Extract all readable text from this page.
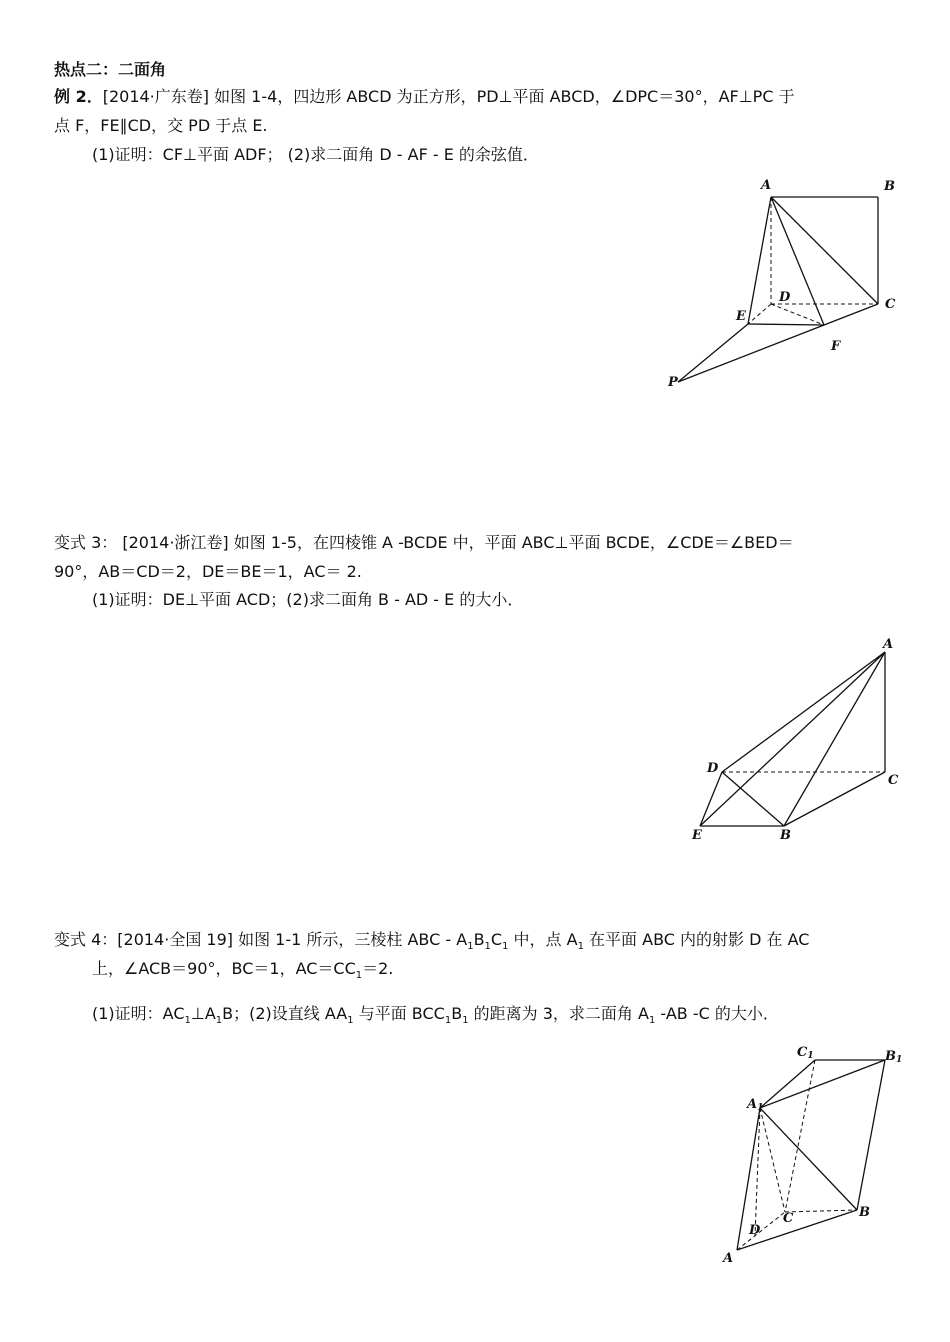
热点二：二面角
例 2．[2014·广东卷] 如图 1-4，四边形 ABCD 为正方形，PD⊥平面 ABCD，∠DPC＝30°，AF⊥PC 于
点 F，FE∥CD，交 PD 于点 E.
(1)证明：CF⊥平面 ADF； (2)求二面角 D - AF - E 的余弦值．
A	B
C
D
E
F
P
变式 3： [2014·浙江卷] 如图 1-5，在四棱锥 A -BCDE 中，平面 ABC⊥平面 BCDE，∠CDE＝∠BED＝
90°，AB＝CD＝2，DE＝BE＝1，AC＝ 2.
(1)证明：DE⊥平面 ACD；(2)求二面角 B - AD - E 的大小．
A
B
C
D
E
变式 4：[2014·全国 19] 如图 1-1 所示，三棱柱 ABC - $A_1B_1C_1$ 中，点 $A_1$ 在平面 ABC 内的射影 D 在 AC
上，∠ACB＝90°，BC＝1，$AC=CC_1=2$.
(1)证明：$AC_1\perp A_1B$；(2)设直线 $AA_1$ 与平面 $BCC_1B_1$ 的距离为 3，求二面角 $A_1$ -AB -C 的大小．
C1	B1
A1
C	B
D
A
